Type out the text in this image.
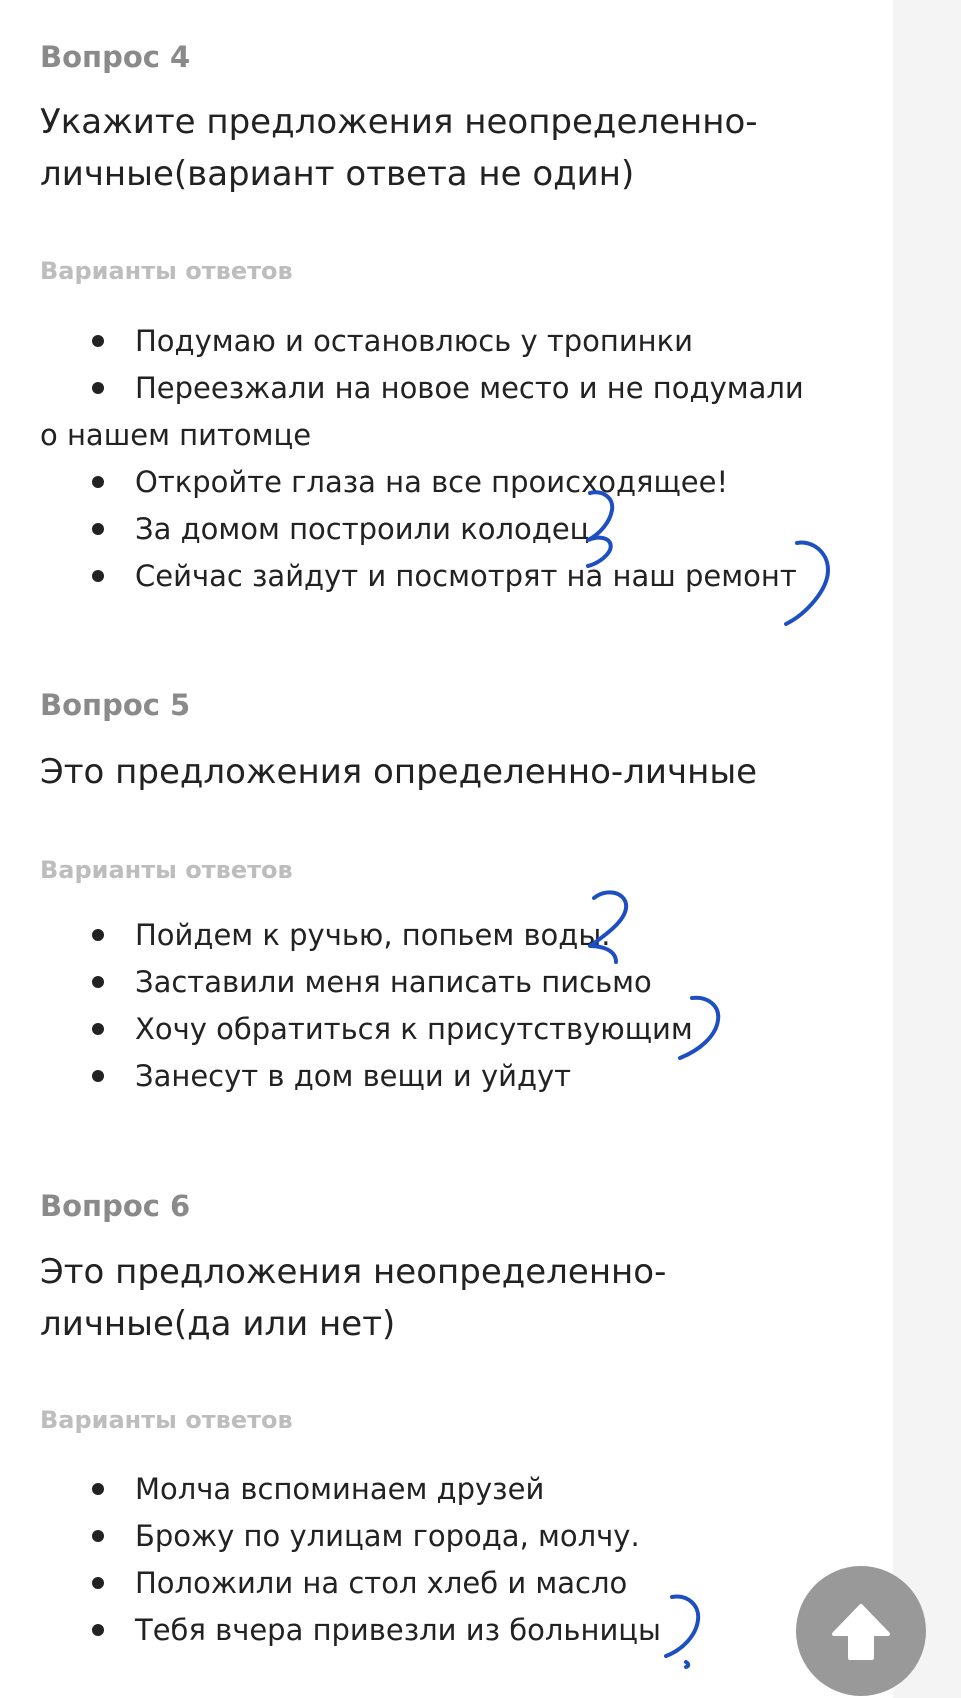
Вопрос 4
Укажите предложения неопределенно-личные(вариант ответа не один)
Варианты ответов
Подумаю и остановлюсь у тропинки
Переезжали на новое место и не подумали о нашем питомце
Откройте глаза на все происходящее!
За домом построили колодец
Сейчас зайдут и посмотрят на наш ремонт
Вопрос 5
Это предложения определенно-личные
Варианты ответов
Пойдем к ручью, попьем воды.
Заставили меня написать письмо
Хочу обратиться к присутствующим
Занесут в дом вещи и уйдут
Вопрос 6
Это предложения неопределенно-личные(да или нет)
Варианты ответов
Молча вспоминаем друзей
Брожу по улицам города, молчу.
Положили на стол хлеб и масло
Тебя вчера привезли из больницы
